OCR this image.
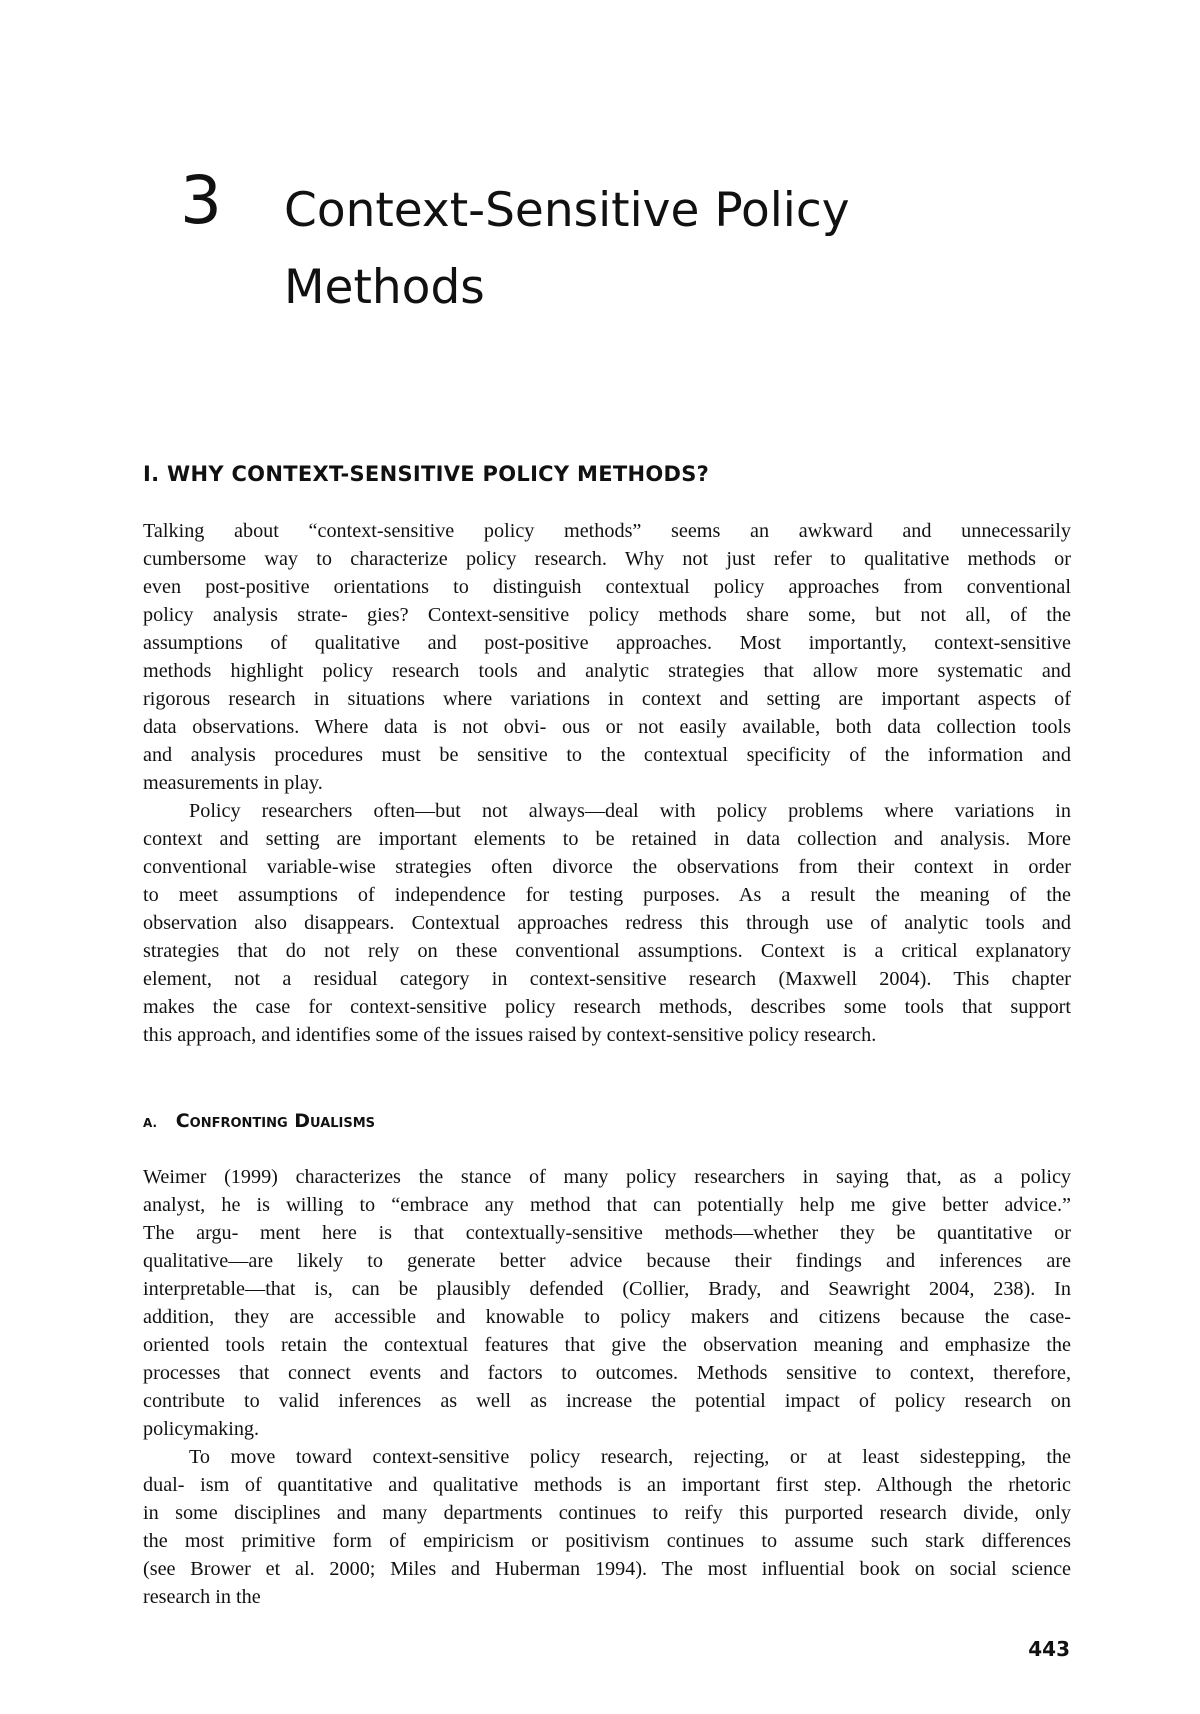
3 Context-Sensitive Policy
Methods
I. WHY CONTEXT-SENSITIVE POLICY METHODS?
Talking about “context-sensitive policy methods” seems an awkward and unnecessarily
cumbersome way to characterize policy research. Why not just refer to qualitative methods or
even post-positive orientations to distinguish contextual policy approaches from conventional
policy analysis strate- gies? Context-sensitive policy methods share some, but not all, of the
assumptions of qualitative and post-positive approaches. Most importantly, context-sensitive
methods highlight policy research tools and analytic strategies that allow more systematic and
rigorous research in situations where variations in context and setting are important aspects of
data observations. Where data is not obvi- ous or not easily available, both data collection tools
and analysis procedures must be sensitive to the contextual specificity of the information and
measurements in play.
Policy researchers often—but not always—deal with policy problems where variations in
context and setting are important elements to be retained in data collection and analysis. More
conventional variable-wise strategies often divorce the observations from their context in order
to meet assumptions of independence for testing purposes. As a result the meaning of the
observation also disappears. Contextual approaches redress this through use of analytic tools and
strategies that do not rely on these conventional assumptions. Context is a critical explanatory
element, not a residual category in context-sensitive research (Maxwell 2004). This chapter
makes the case for context-sensitive policy research methods, describes some tools that support
this approach, and identifies some of the issues raised by context-sensitive policy research.
A. Confronting Dualisms
Weimer (1999) characterizes the stance of many policy researchers in saying that, as a policy
analyst, he is willing to “embrace any method that can potentially help me give better advice.”
The argu- ment here is that contextually-sensitive methods—whether they be quantitative or
qualitative—are likely to generate better advice because their findings and inferences are
interpretable—that is, can be plausibly defended (Collier, Brady, and Seawright 2004, 238). In
addition, they are accessible and knowable to policy makers and citizens because the case-
oriented tools retain the contextual features that give the observation meaning and emphasize the
processes that connect events and factors to outcomes. Methods sensitive to context, therefore,
contribute to valid inferences as well as increase the potential impact of policy research on
policymaking.
To move toward context-sensitive policy research, rejecting, or at least sidestepping, the
dual- ism of quantitative and qualitative methods is an important first step. Although the rhetoric
in some disciplines and many departments continues to reify this purported research divide, only
the most primitive form of empiricism or positivism continues to assume such stark differences
(see Brower et al. 2000; Miles and Huberman 1994). The most influential book on social science
research in the
443
